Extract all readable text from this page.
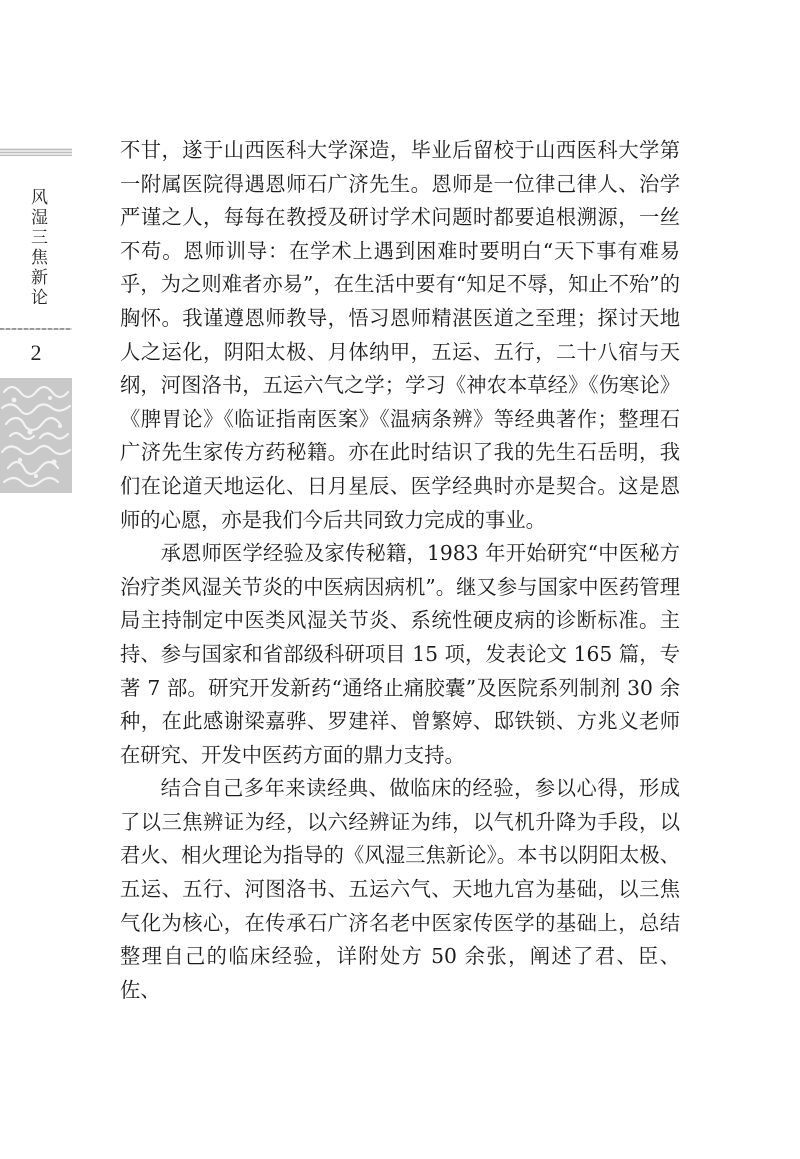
风湿三焦新论
2

不甘，遂于山西医科大学深造，毕业后留校于山西医科大学第一附属医院得遇恩师石广济先生。恩师是一位律己律人、治学严谨之人，每每在教授及研讨学术问题时都要追根溯源，一丝不苟。恩师训导：在学术上遇到困难时要明白“天下事有难易乎，为之则难者亦易”，在生活中要有“知足不辱，知止不殆”的胸怀。我谨遵恩师教导，悟习恩师精湛医道之至理；探讨天地人之运化，阴阳太极、月体纳甲，五运、五行，二十八宿与天纲，河图洛书，五运六气之学；学习《神农本草经》《伤寒论》《脾胃论》《临证指南医案》《温病条辨》等经典著作；整理石广济先生家传方药秘籍。亦在此时结识了我的先生石岳明，我们在论道天地运化、日月星辰、医学经典时亦是契合。这是恩师的心愿，亦是我们今后共同致力完成的事业。

承恩师医学经验及家传秘籍，1983 年开始研究“中医秘方治疗类风湿关节炎的中医病因病机”。继又参与国家中医药管理局主持制定中医类风湿关节炎、系统性硬皮病的诊断标准。主持、参与国家和省部级科研项目 15 项，发表论文 165 篇，专著 7 部。研究开发新药“通络止痛胶囊”及医院系列制剂 30 余种，在此感谢梁嘉骅、罗建祥、曾繁婷、邸铁锁、方兆义老师在研究、开发中医药方面的鼎力支持。

结合自己多年来读经典、做临床的经验，参以心得，形成了以三焦辨证为经，以六经辨证为纬，以气机升降为手段，以君火、相火理论为指导的《风湿三焦新论》。本书以阴阳太极、五运、五行、河图洛书、五运六气、天地九宫为基础，以三焦气化为核心，在传承石广济名老中医家传医学的基础上，总结整理自己的临床经验，详附处方 50 余张，阐述了君、臣、佐、
